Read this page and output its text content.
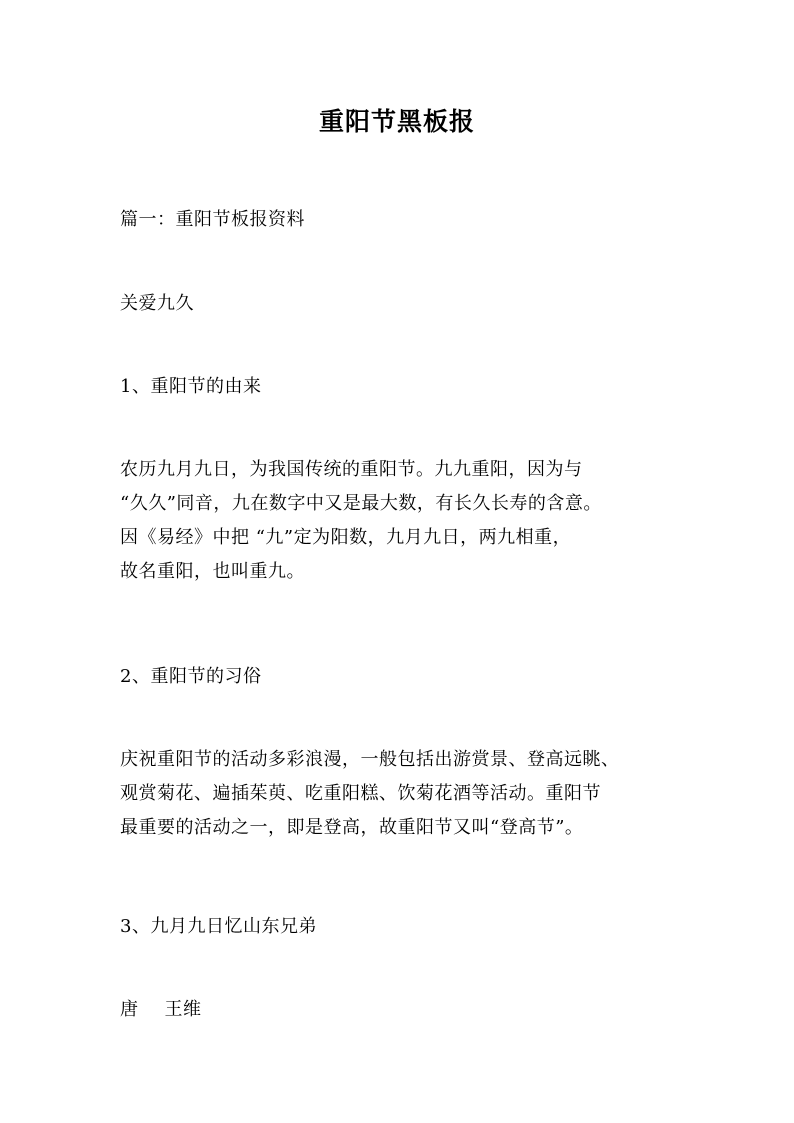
重阳节黑板报
篇一：重阳节板报资料
关爱九久
1、重阳节的由来
农历九月九日，为我国传统的重阳节。九九重阳，因为与
“久久”同音，九在数字中又是最大数，有长久长寿的含意。
因《易经》中把 “九”定为阳数，九月九日，两九相重，
故名重阳，也叫重九。
2、重阳节的习俗
庆祝重阳节的活动多彩浪漫，一般包括出游赏景、登高远眺、
观赏菊花、遍插茱萸、吃重阳糕、饮菊花酒等活动。重阳节
最重要的活动之一，即是登高，故重阳节又叫“登高节”。
3、九月九日忆山东兄弟
唐 王维
